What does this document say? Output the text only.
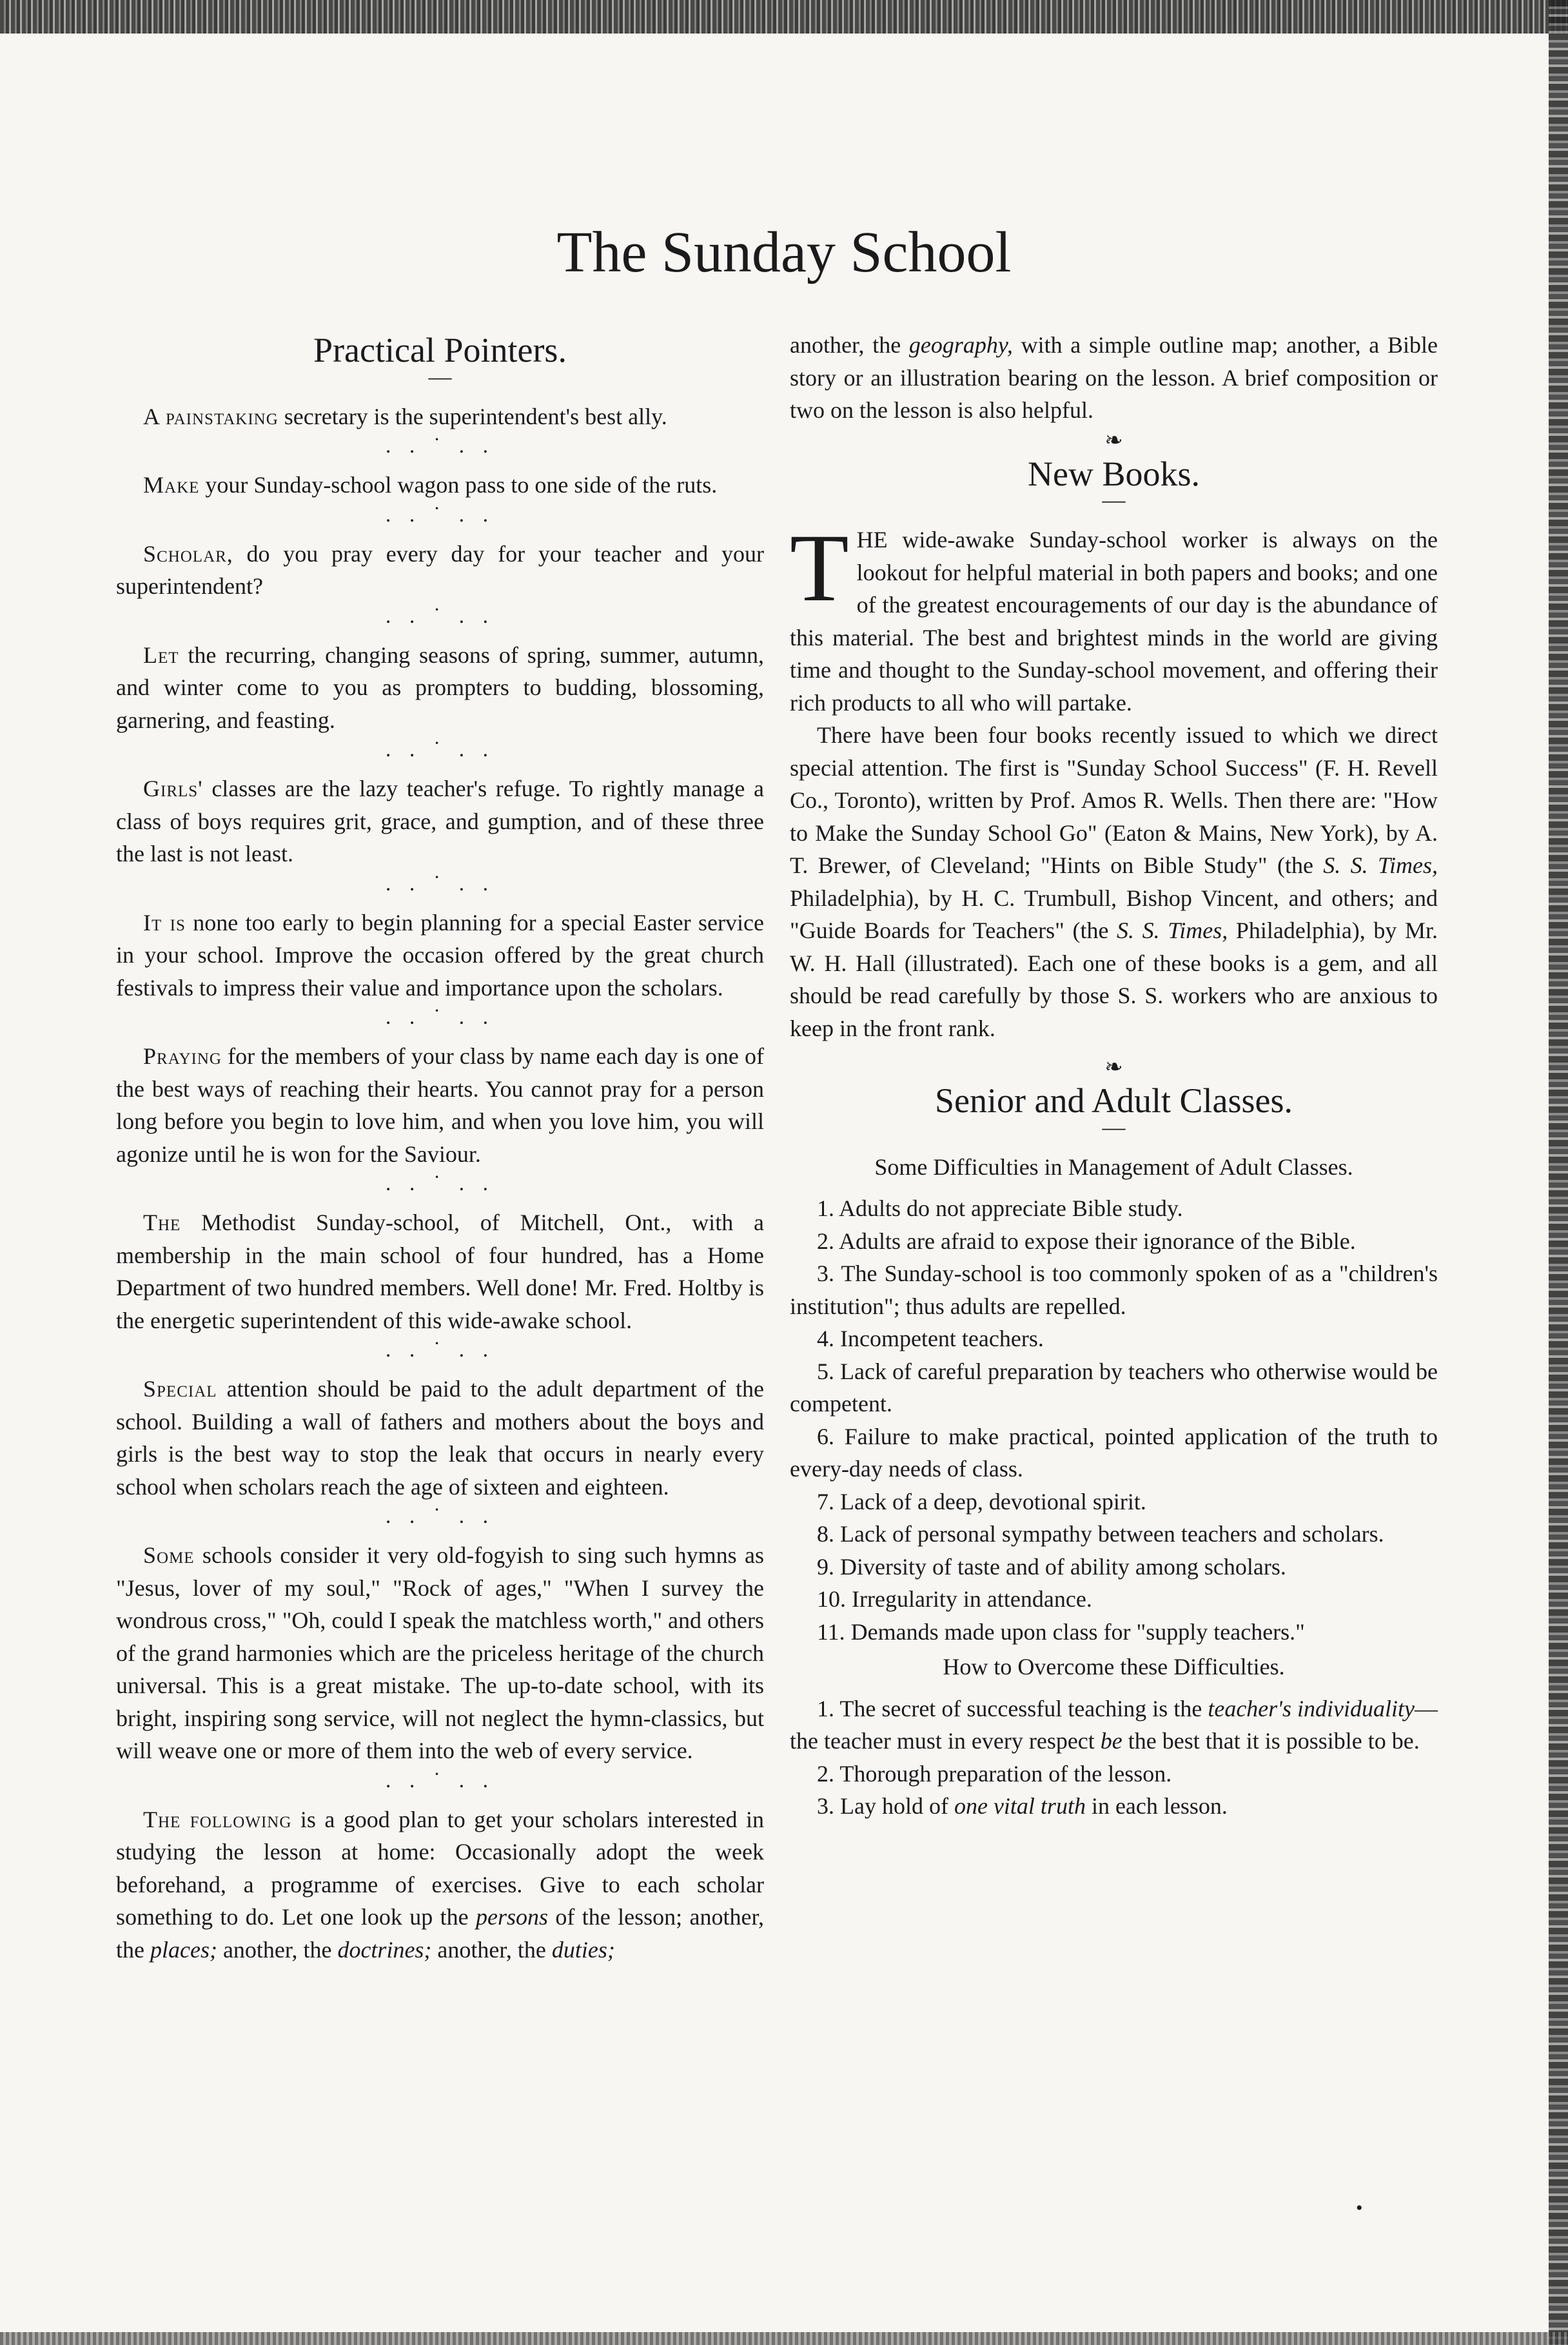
The Sunday School
Practical Pointers.
—

A painstaking secretary is the superintendent's best ally.

. . ˙ . .

Make your Sunday-school wagon pass to one side of the ruts.

. . ˙ . .

Scholar, do you pray every day for your teacher and your superintendent?

. . ˙ . .

Let the recurring, changing seasons of spring, summer, autumn, and winter come to you as prompters to budding, blossoming, garnering, and feasting.

. . ˙ . .

Girls' classes are the lazy teacher's refuge. To rightly manage a class of boys requires grit, grace, and gumption, and of these three the last is not least.

. . ˙ . .

It is none too early to begin planning for a special Easter service in your school. Improve the occasion offered by the great church festivals to impress their value and importance upon the scholars.

. . ˙ . .

Praying for the members of your class by name each day is one of the best ways of reaching their hearts. You cannot pray for a person long before you begin to love him, and when you love him, you will agonize until he is won for the Saviour.

. . ˙ . .

The Methodist Sunday-school, of Mitchell, Ont., with a membership in the main school of four hundred, has a Home Department of two hundred members. Well done! Mr. Fred. Holtby is the energetic superintendent of this wide-awake school.

. . ˙ . .

Special attention should be paid to the adult department of the school. Building a wall of fathers and mothers about the boys and girls is the best way to stop the leak that occurs in nearly every school when scholars reach the age of sixteen and eighteen.

. . ˙ . .

Some schools consider it very old-fogyish to sing such hymns as "Jesus, lover of my soul," "Rock of ages," "When I survey the wondrous cross," "Oh, could I speak the matchless worth," and others of the grand harmonies which are the priceless heritage of the church universal. This is a great mistake. The up-to-date school, with its bright, inspiring song service, will not neglect the hymn-classics, but will weave one or more of them into the web of every service.

. . ˙ . .

The following is a good plan to get your scholars interested in studying the lesson at home: Occasionally adopt the week beforehand, a programme of exercises. Give to each scholar something to do. Let one look up the persons of the lesson; another, the places; another, the doctrines; another, the duties;

another, the geography, with a simple outline map; another, a Bible story or an illustration bearing on the lesson. A brief composition or two on the lesson is also helpful.

❧
New Books.
—

THE wide-awake Sunday-school worker is always on the lookout for helpful material in both papers and books; and one of the greatest encouragements of our day is the abundance of this material. The best and brightest minds in the world are giving time and thought to the Sunday-school movement, and offering their rich products to all who will partake.

There have been four books recently issued to which we direct special attention. The first is "Sunday School Success" (F. H. Revell Co., Toronto), written by Prof. Amos R. Wells. Then there are: "How to Make the Sunday School Go" (Eaton & Mains, New York), by A. T. Brewer, of Cleveland; "Hints on Bible Study" (the S. S. Times, Philadelphia), by H. C. Trumbull, Bishop Vincent, and others; and "Guide Boards for Teachers" (the S. S. Times, Philadelphia), by Mr. W. H. Hall (illustrated). Each one of these books is a gem, and all should be read carefully by those S. S. workers who are anxious to keep in the front rank.

❧
Senior and Adult Classes.
—
Some Difficulties in Management of Adult Classes.

1. Adults do not appreciate Bible study.

2. Adults are afraid to expose their ignorance of the Bible.

3. The Sunday-school is too commonly spoken of as a "children's institution"; thus adults are repelled.

4. Incompetent teachers.

5. Lack of careful preparation by teachers who otherwise would be competent.

6. Failure to make practical, pointed application of the truth to every-day needs of class.

7. Lack of a deep, devotional spirit.

8. Lack of personal sympathy between teachers and scholars.

9. Diversity of taste and of ability among scholars.

10. Irregularity in attendance.

11. Demands made upon class for "supply teachers."

How to Overcome these Difficulties.

1. The secret of successful teaching is the teacher's individuality—the teacher must in every respect be the best that it is possible to be.

2. Thorough preparation of the lesson.

3. Lay hold of one vital truth in each lesson.

•
